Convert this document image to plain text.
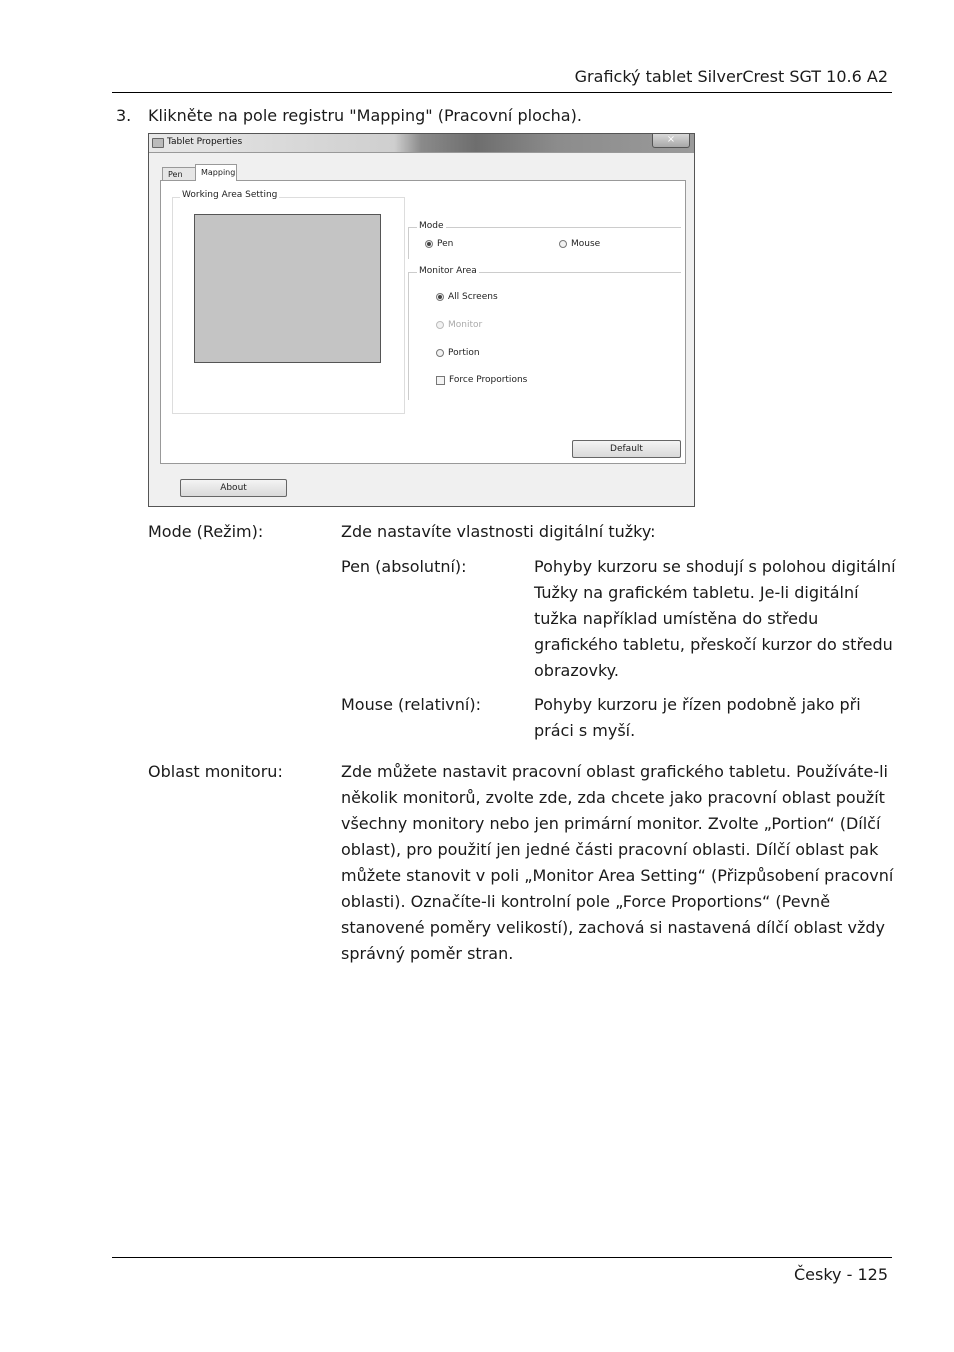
Grafický tablet SilverCrest SGT 10.6 A2
3. Klikněte na pole registru "Mapping" (Pracovní plocha).
Tablet Properties	×
Pen	Mapping
Working Area Setting
Mode
Pen	Mouse
Monitor Area
All Screens
Monitor
Portion
Force Proportions
Default
About
Mode (Režim):	Zde nastavíte vlastnosti digitální tužky:
Pen (absolutní):	Pohyby kurzoru se shodují s polohou digitální
Tužky na grafickém tabletu. Je-li digitální
tužka například umístěna do středu
grafického tabletu, přeskočí kurzor do středu
obrazovky.
Mouse (relativní):	Pohyby kurzoru je řízen podobně jako při
práci s myší.
Oblast monitoru:	Zde můžete nastavit pracovní oblast grafického tabletu. Používáte-li
několik monitorů, zvolte zde, zda chcete jako pracovní oblast použít
všechny monitory nebo jen primární monitor. Zvolte „Portion“ (Dílčí
oblast), pro použití jen jedné části pracovní oblasti. Dílčí oblast pak
můžete stanovit v poli „Monitor Area Setting“ (Přizpůsobení pracovní
oblasti). Označíte-li kontrolní pole „Force Proportions“ (Pevně
stanovené poměry velikostí), zachová si nastavená dílčí oblast vždy
správný poměr stran.
Česky - 125
